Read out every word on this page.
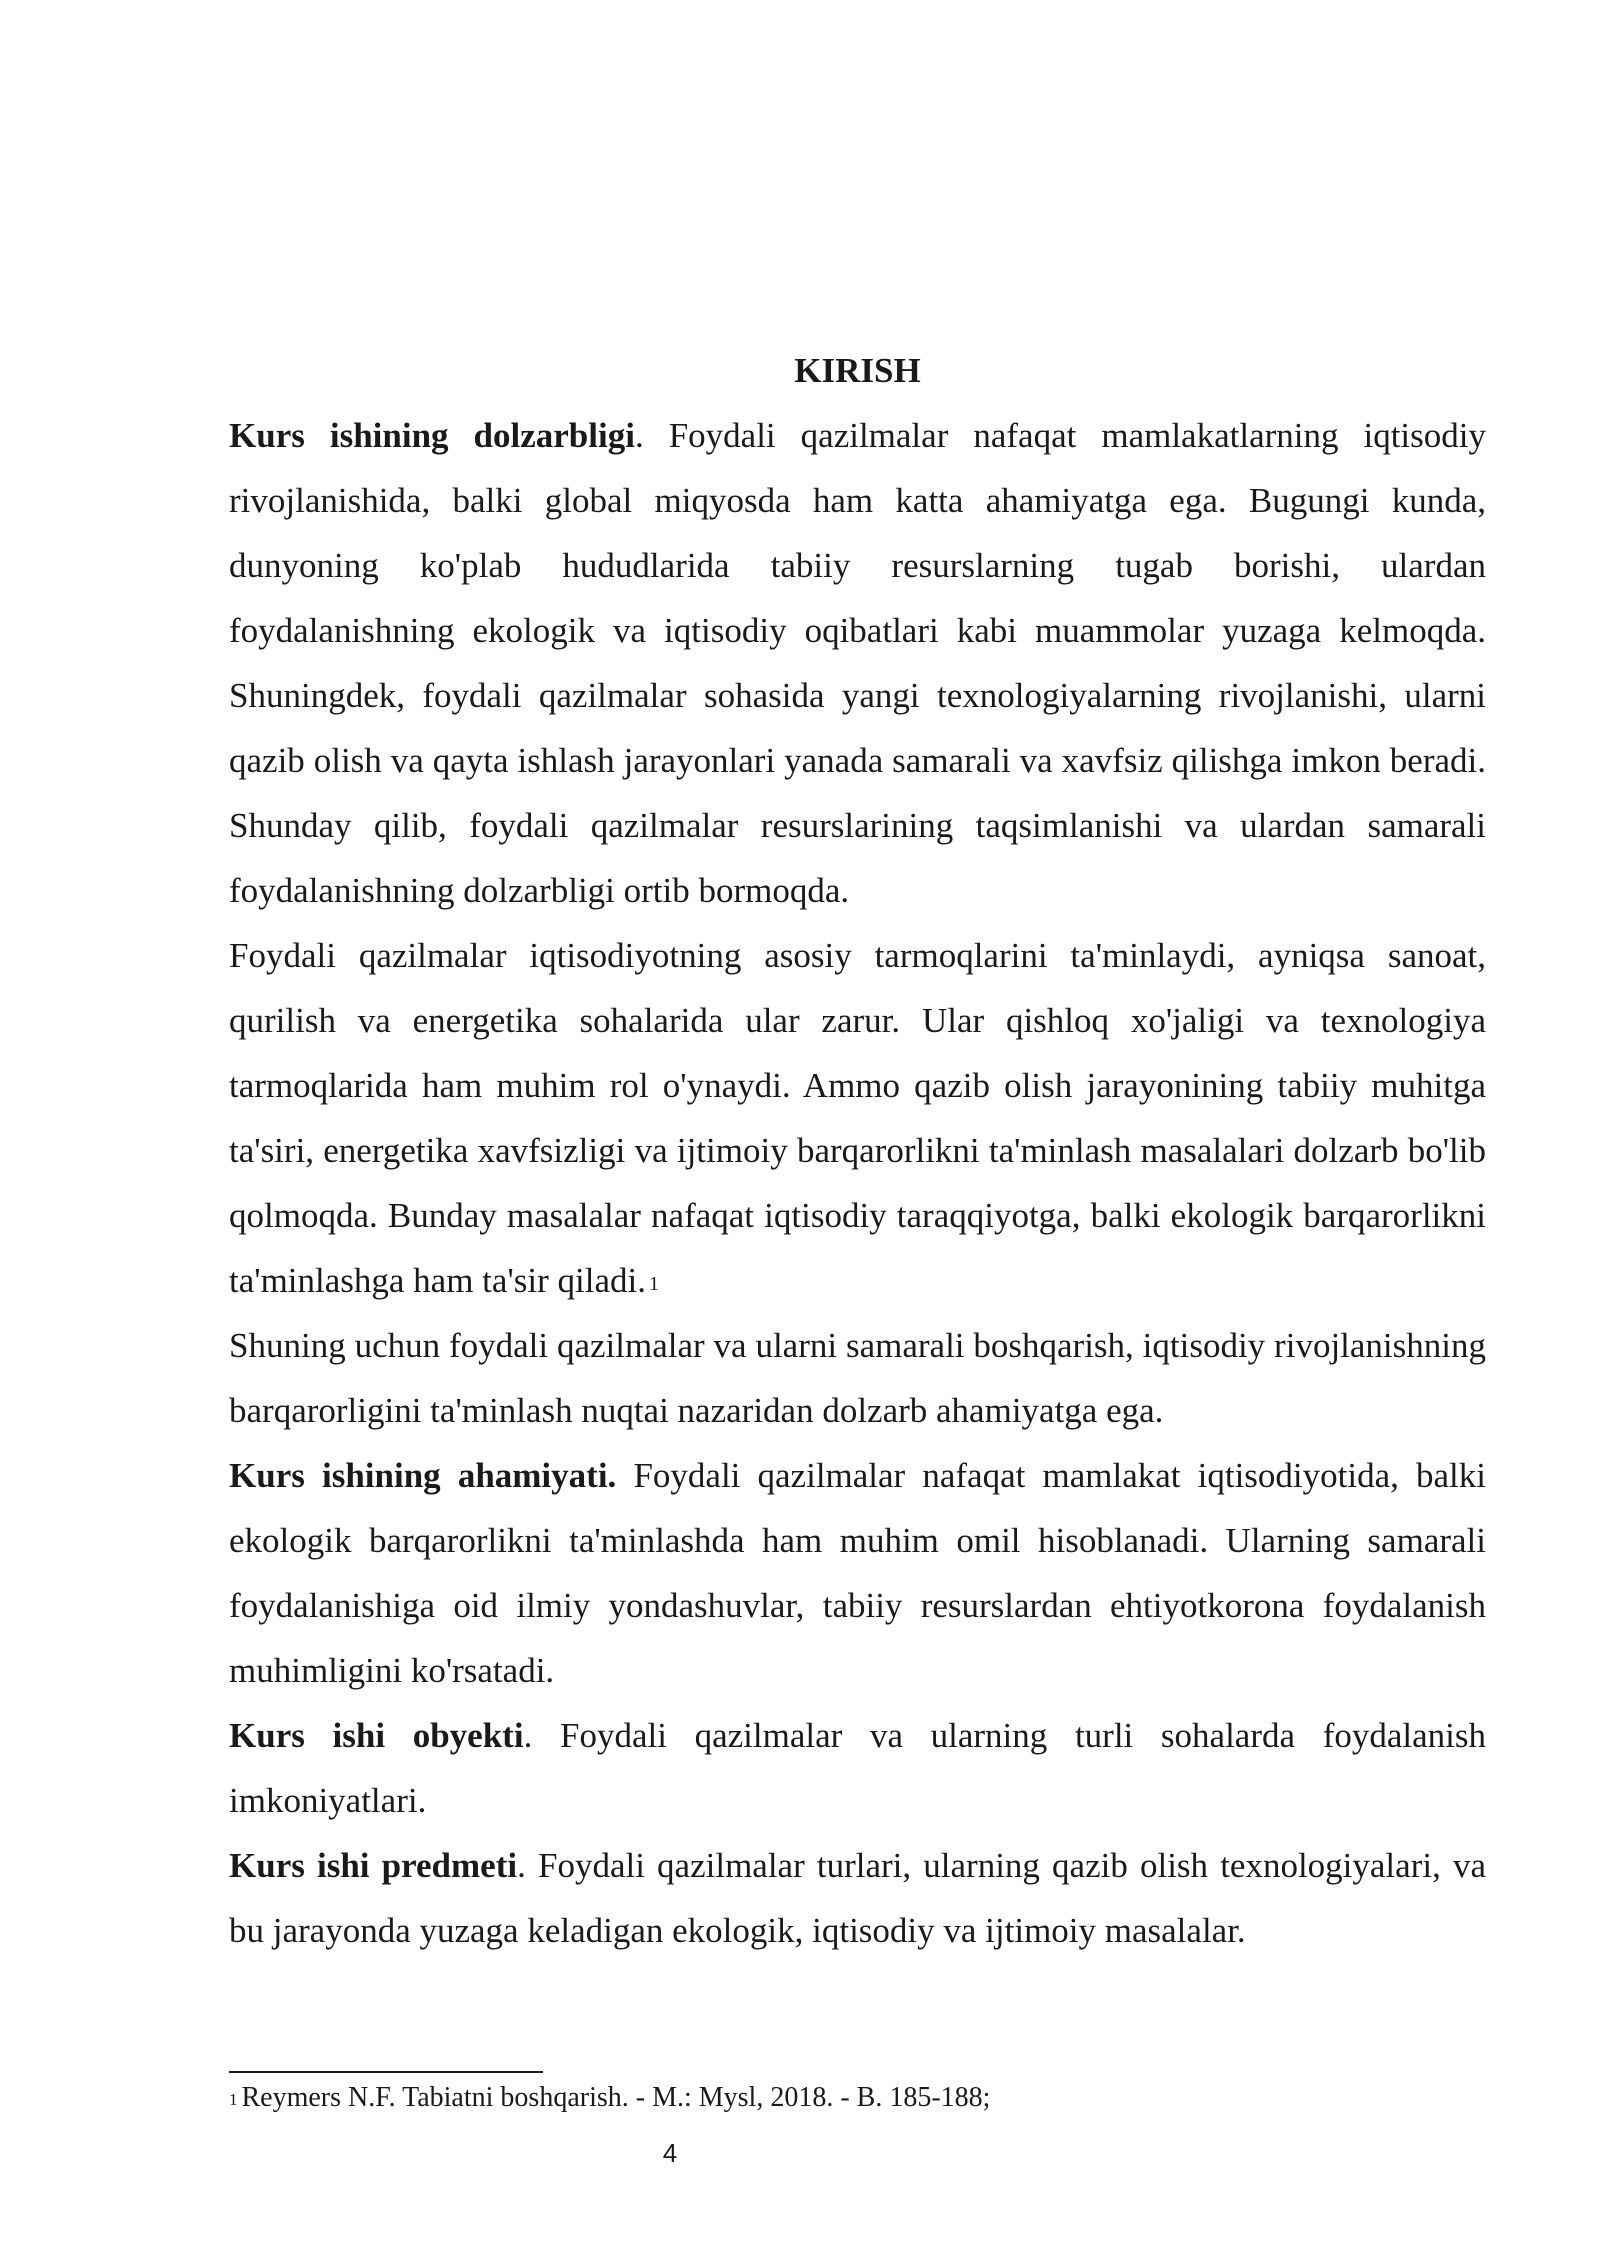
KIRISH

Kurs ishining dolzarbligi. Foydali qazilmalar nafaqat mamlakatlarning iqtisodiy rivojlanishida, balki global miqyosda ham katta ahamiyatga ega. Bugungi kunda, dunyoning ko'plab hududlarida tabiiy resurslarning tugab borishi, ulardan foydalanishning ekologik va iqtisodiy oqibatlari kabi muammolar yuzaga kelmoqda. Shuningdek, foydali qazilmalar sohasida yangi texnologiyalarning rivojlanishi, ularni qazib olish va qayta ishlash jarayonlari yanada samarali va xavfsiz qilishga imkon beradi. Shunday qilib, foydali qazilmalar resurslarining taqsimlanishi va ulardan samarali foydalanishning dolzarbligi ortib bormoqda.

Foydali qazilmalar iqtisodiyotning asosiy tarmoqlarini ta'minlaydi, ayniqsa sanoat, qurilish va energetika sohalarida ular zarur. Ular qishloq xo'jaligi va texnologiya tarmoqlarida ham muhim rol o'ynaydi. Ammo qazib olish jarayonining tabiiy muhitga ta'siri, energetika xavfsizligi va ijtimoiy barqarorlikni ta'minlash masalalari dolzarb bo'lib qolmoqda. Bunday masalalar nafaqat iqtisodiy taraqqiyotga, balki ekologik barqarorlikni ta'minlashga ham ta'sir qiladi. $^1$

Shuning uchun foydali qazilmalar va ularni samarali boshqarish, iqtisodiy rivojlanishning barqarorligini ta'minlash nuqtai nazaridan dolzarb ahamiyatga ega.

Kurs ishining ahamiyati. Foydali qazilmalar nafaqat mamlakat iqtisodiyotida, balki ekologik barqarorlikni ta'minlashda ham muhim omil hisoblanadi. Ularning samarali foydalanishiga oid ilmiy yondashuvlar, tabiiy resurslardan ehtiyotkorona foydalanish muhimligini ko'rsatadi.

Kurs ishi obyekti. Foydali qazilmalar va ularning turli sohalarda foydalanish imkoniyatlari.

Kurs ishi predmeti. Foydali qazilmalar turlari, ularning qazib olish texnologiyalari, va bu jarayonda yuzaga keladigan ekologik, iqtisodiy va ijtimoiy masalalar.

$^1$ Reymers N.F. Tabiatni boshqarish. - M.: Mysl, 2018. - B. 185-188;

4
